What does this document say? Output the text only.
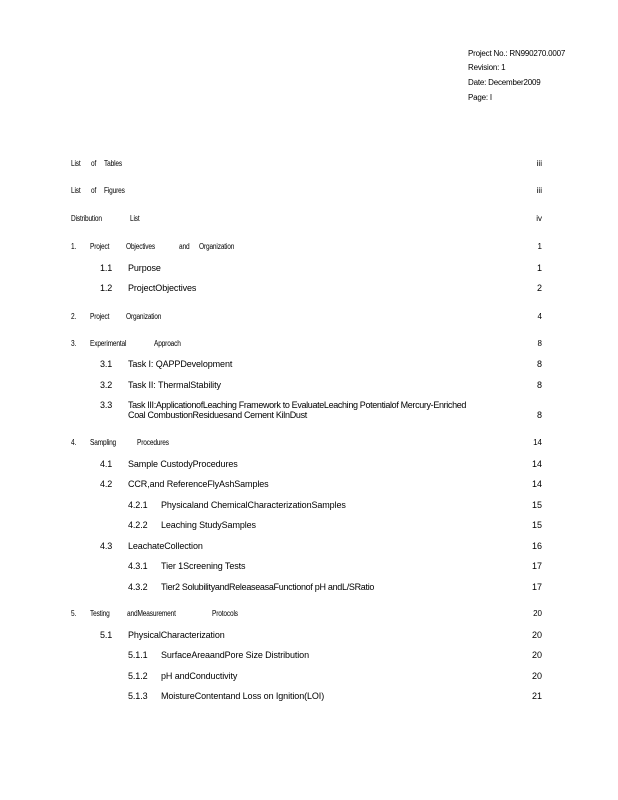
Project No.: RN990270.0007
Revision: 1
Date: December2009
Page: I
List of Tables	iii
List of Figures	iii
Distribution	List	iv
1. Project Objectives	and Organization	1
1.1 Purpose	1
1.2 ProjectObjectives	2
2. Project Organization	4
3. Experimental	Approach	8
3.1 Task I: QAPPDevelopment	8
3.2 Task II: ThermalStability	8
3.3 Task III:ApplicationofLeaching Framework to EvaluateLeaching Potentialof Mercury-Enriched
Coal CombustionResiduesand Cement KilnDust	8
4. Sampling	Procedures	14
4.1 Sample CustodyProcedures	14
4.2 CCR,and ReferenceFlyAshSamples	14
4.2.1 Physicaland ChemicalCharacterizationSamples	15
4.2.2 Leaching StudySamples	15
4.3 LeachateCollection	16
4.3.1 Tier 1Screening Tests	17
4.3.2 Tier2 SolubilityandReleaseasaFunctionof pH andL/SRatio	17
5. Testing andMeasurement	Protocols	20
5.1 PhysicalCharacterization	20
5.1.1 SurfaceAreaandPore Size Distribution	20
5.1.2 pH andConductivity	20
5.1.3 MoistureContentand Loss on Ignition(LOI)	21
